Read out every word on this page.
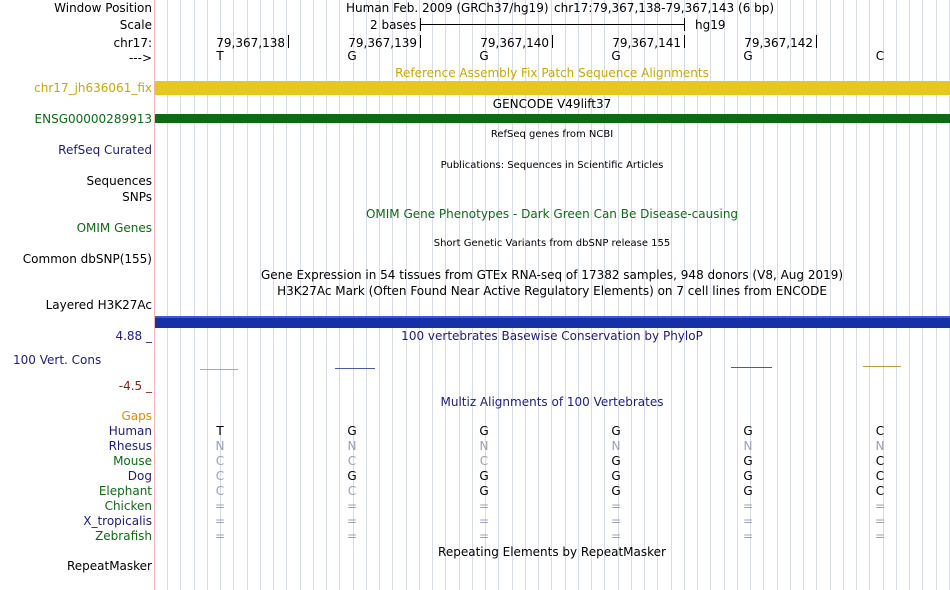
Window Position	Human Feb. 2009 (GRCh37/hg19) chr17:79,367,138-79,367,143 (6 bp)
Scale	2 bases	hg19
chr17:	79,367,138	79,367,139	79,367,140	79,367,141	79,367,142
--->	T	G	G	G	G	C
Reference Assembly Fix Patch Sequence Alignments
chr17_jh636061_fix
GENCODE V49lift37
ENSG00000289913
RefSeq genes from NCBI
RefSeq Curated
Publications: Sequences in Scientific Articles
Sequences
SNPs
OMIM Gene Phenotypes - Dark Green Can Be Disease-causing
OMIM Genes
Short Genetic Variants from dbSNP release 155
Common dbSNP(155)
Gene Expression in 54 tissues from GTEx RNA-seq of 17382 samples, 948 donors (V8, Aug 2019)
H3K27Ac Mark (Often Found Near Active Regulatory Elements) on 7 cell lines from ENCODE
Layered H3K27Ac
4.88 _	100 vertebrates Basewise Conservation by PhyloP
100 Vert. Cons
-4.5 _
Multiz Alignments of 100 Vertebrates
Gaps
Human	T	G	G	G	G	C
Rhesus	N	N	N	N	N	N
Mouse	C	C	C	G	G	C
Dog	C	G	G	G	G	C
Elephant	C	C	G	G	G	C
Chicken	=	=	=	=	=	=
X_tropicalis	=	=	=	=	=	=
Zebrafish	=	=	=	=	=	=
Repeating Elements by RepeatMasker
RepeatMasker
